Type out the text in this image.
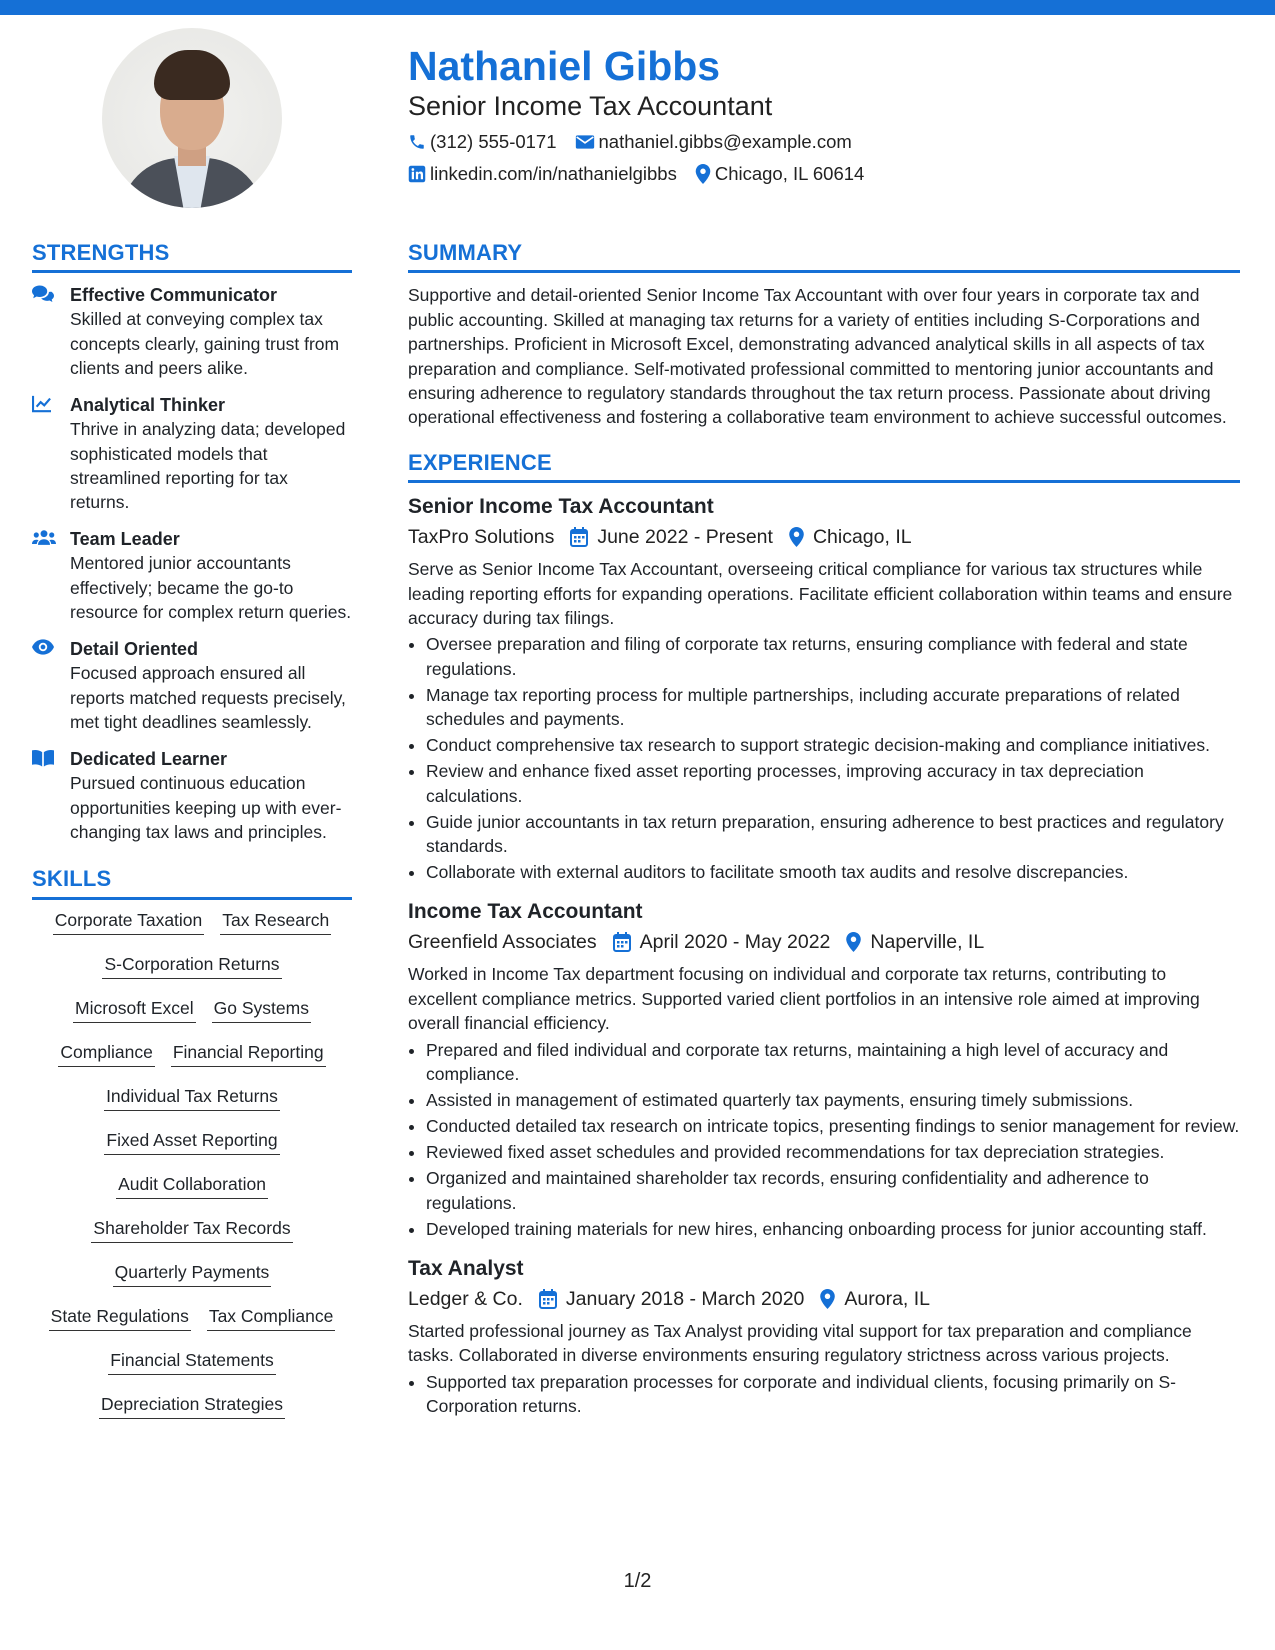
Nathaniel Gibbs
Senior Income Tax Accountant
(312) 555-0171 nathaniel.gibbs@example.com
linkedin.com/in/nathanielgibbs Chicago, IL 60614
STRENGTHS
Effective Communicator
Skilled at conveying complex tax concepts clearly, gaining trust from clients and peers alike.
Analytical Thinker
Thrive in analyzing data; developed sophisticated models that streamlined reporting for tax returns.
Team Leader
Mentored junior accountants effectively; became the go-to resource for complex return queries.
Detail Oriented
Focused approach ensured all reports matched requests precisely, met tight deadlines seamlessly.
Dedicated Learner
Pursued continuous education opportunities keeping up with ever-changing tax laws and principles.
SKILLS
Corporate Taxation Tax Research
S-Corporation Returns
Microsoft Excel Go Systems
Compliance Financial Reporting
Individual Tax Returns
Fixed Asset Reporting
Audit Collaboration
Shareholder Tax Records
Quarterly Payments
State Regulations Tax Compliance
Financial Statements
Depreciation Strategies
SUMMARY
Supportive and detail-oriented Senior Income Tax Accountant with over four years in corporate tax and public accounting. Skilled at managing tax returns for a variety of entities including S-Corporations and partnerships. Proficient in Microsoft Excel, demonstrating advanced analytical skills in all aspects of tax preparation and compliance. Self-motivated professional committed to mentoring junior accountants and ensuring adherence to regulatory standards throughout the tax return process. Passionate about driving operational effectiveness and fostering a collaborative team environment to achieve successful outcomes.
EXPERIENCE
Senior Income Tax Accountant
TaxPro Solutions June 2022 - Present Chicago, IL
Serve as Senior Income Tax Accountant, overseeing critical compliance for various tax structures while leading reporting efforts for expanding operations. Facilitate efficient collaboration within teams and ensure accuracy during tax filings.
• Oversee preparation and filing of corporate tax returns, ensuring compliance with federal and state regulations.
• Manage tax reporting process for multiple partnerships, including accurate preparations of related schedules and payments.
• Conduct comprehensive tax research to support strategic decision-making and compliance initiatives.
• Review and enhance fixed asset reporting processes, improving accuracy in tax depreciation calculations.
• Guide junior accountants in tax return preparation, ensuring adherence to best practices and regulatory standards.
• Collaborate with external auditors to facilitate smooth tax audits and resolve discrepancies.
Income Tax Accountant
Greenfield Associates April 2020 - May 2022 Naperville, IL
Worked in Income Tax department focusing on individual and corporate tax returns, contributing to excellent compliance metrics. Supported varied client portfolios in an intensive role aimed at improving overall financial efficiency.
• Prepared and filed individual and corporate tax returns, maintaining a high level of accuracy and compliance.
• Assisted in management of estimated quarterly tax payments, ensuring timely submissions.
• Conducted detailed tax research on intricate topics, presenting findings to senior management for review.
• Reviewed fixed asset schedules and provided recommendations for tax depreciation strategies.
• Organized and maintained shareholder tax records, ensuring confidentiality and adherence to regulations.
• Developed training materials for new hires, enhancing onboarding process for junior accounting staff.
Tax Analyst
Ledger & Co. January 2018 - March 2020 Aurora, IL
Started professional journey as Tax Analyst providing vital support for tax preparation and compliance tasks. Collaborated in diverse environments ensuring regulatory strictness across various projects.
• Supported tax preparation processes for corporate and individual clients, focusing primarily on S-Corporation returns.
1/2
